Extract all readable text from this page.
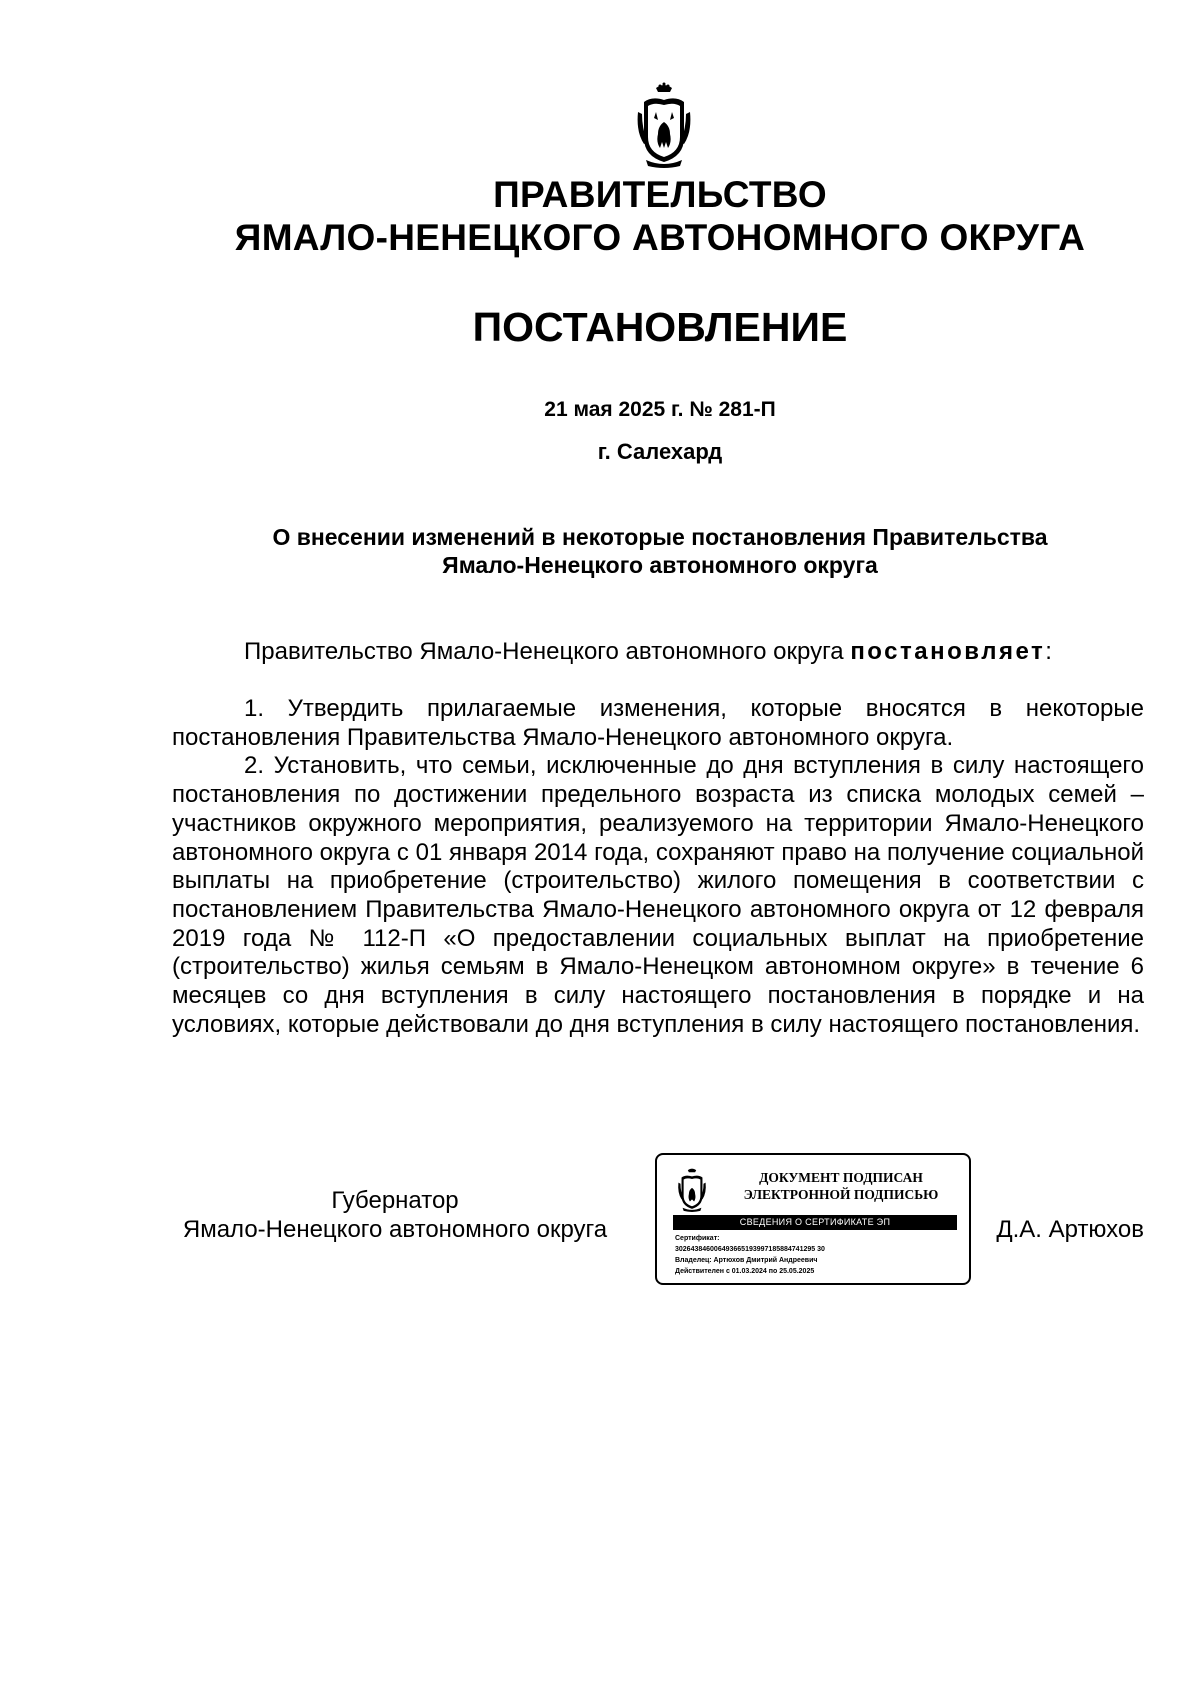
ПРАВИТЕЛЬСТВО
ЯМАЛО-НЕНЕЦКОГО АВТОНОМНОГО ОКРУГА
ПОСТАНОВЛЕНИЕ
21 мая 2025 г. № 281-П
г. Салехард
О внесении изменений в некоторые постановления Правительства
Ямало-Ненецкого автономного округа

Правительство Ямало-Ненецкого автономного округа постановляет:

1. Утвердить прилагаемые изменения, которые вносятся в некоторые постановления Правительства Ямало-Ненецкого автономного округа.

2. Установить, что семьи, исключенные до дня вступления в силу настоящего постановления по достижении предельного возраста из списка молодых семей – участников окружного мероприятия, реализуемого на территории Ямало-Ненецкого автономного округа с 01 января 2014 года, сохраняют право на получение социальной выплаты на приобретение (строительство) жилого помещения в соответствии с постановлением Правительства Ямало-Ненецкого автономного округа от 12 февраля 2019 года № 112-П «О предоставлении социальных выплат на приобретение (строительство) жилья семьям в Ямало-Ненецком автономном округе» в течение 6 месяцев со дня вступления в силу настоящего постановления в порядке и на условиях, которые действовали до дня вступления в силу настоящего постановления.

Губернатор
Ямало-Ненецкого автономного округа
ДОКУМЕНТ ПОДПИСАН
ЭЛЕКТРОННОЙ ПОДПИСЬЮ
СВЕДЕНИЯ О СЕРТИФИКАТЕ ЭП
Сертификат:
302643846006493665193997185884741295 30
Владелец: Артюхов Дмитрий Андреевич
Действителен с 01.03.2024 по 25.05.2025
Д.А. Артюхов
